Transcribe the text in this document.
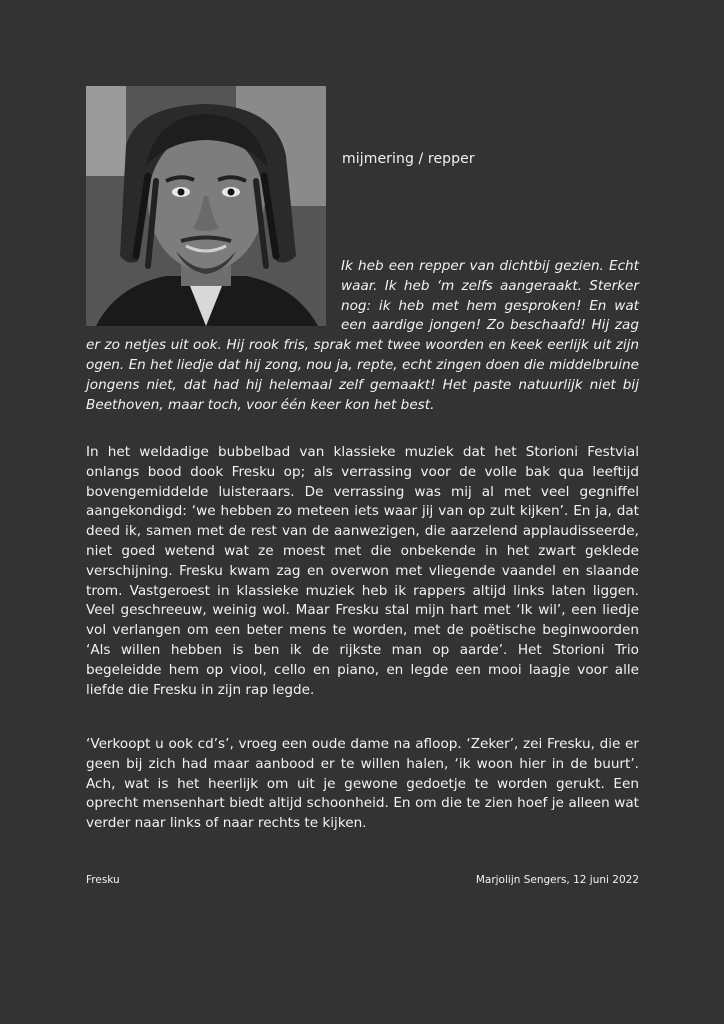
mijmering / repper

Ik heb een repper van dichtbij gezien. Echt waar. Ik heb ‘m zelfs aangeraakt. Sterker nog: ik heb met hem gesproken! En wat een aardige jongen! Zo beschaafd! Hij zag er zo netjes uit ook. Hij rook fris, sprak met twee woorden en keek eerlijk uit zijn ogen. En het liedje dat hij zong, nou ja, repte, echt zingen doen die middelbruine jongens niet, dat had hij helemaal zelf gemaakt! Het paste natuurlijk niet bij Beethoven, maar toch, voor één keer kon het best.

In het weldadige bubbelbad van klassieke muziek dat het Storioni Festvial onlangs bood dook Fresku op; als verrassing voor de volle bak qua leeftijd bovengemiddelde luisteraars. De verrassing was mij al met veel gegniffel aangekondigd: ‘we hebben zo meteen iets waar jij van op zult kijken’. En ja, dat deed ik, samen met de rest van de aanwezigen, die aarzelend applaudisseerde, niet goed wetend wat ze moest met die onbekende in het zwart geklede verschijning. Fresku kwam zag en overwon met vliegende vaandel en slaande trom. Vastgeroest in klassieke muziek heb ik rappers altijd links laten liggen. Veel geschreeuw, weinig wol. Maar Fresku stal mijn hart met ‘Ik wil’, een liedje vol verlangen om een beter mens te worden, met de poëtische beginwoorden ‘Als willen hebben is ben ik de rijkste man op aarde’. Het Storioni Trio begeleidde hem op viool, cello en piano, en legde een mooi laagje voor alle liefde die Fresku in zijn rap legde.

‘Verkoopt u ook cd’s’, vroeg een oude dame na afloop. ‘Zeker’, zei Fresku, die er geen bij zich had maar aanbood er te willen halen, ‘ik woon hier in de buurt’. Ach, wat is het heerlijk om uit je gewone gedoetje te worden gerukt. Een oprecht mensenhart biedt altijd schoonheid. En om die te zien hoef je alleen wat verder naar links of naar rechts te kijken.

Fresku	Marjolijn Sengers, 12 juni 2022
